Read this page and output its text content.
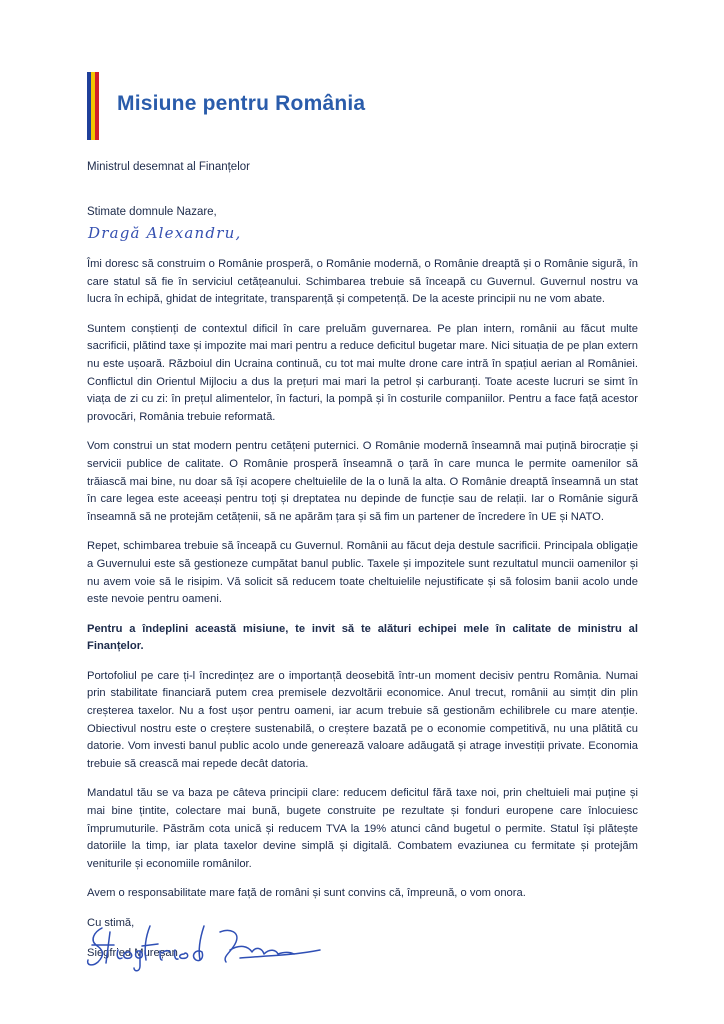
Misiune pentru România
Ministrul desemnat al Finanțelor
Stimate domnule Nazare,
Dragă Alexandru,

Îmi doresc să construim o Românie prosperă, o Românie modernă, o Românie dreaptă și o Românie sigură, în care statul să fie în serviciul cetățeanului. Schimbarea trebuie să înceapă cu Guvernul. Guvernul nostru va lucra în echipă, ghidat de integritate, transparență și competență. De la aceste principii nu ne vom abate.

Suntem conștienți de contextul dificil în care preluăm guvernarea. Pe plan intern, românii au făcut multe sacrificii, plătind taxe și impozite mai mari pentru a reduce deficitul bugetar mare. Nici situația de pe plan extern nu este ușoară. Războiul din Ucraina continuă, cu tot mai multe drone care intră în spațiul aerian al României. Conflictul din Orientul Mijlociu a dus la prețuri mai mari la petrol și carburanți. Toate aceste lucruri se simt în viața de zi cu zi: în prețul alimentelor, în facturi, la pompă și în costurile companiilor. Pentru a face față acestor provocări, România trebuie reformată.

Vom construi un stat modern pentru cetățeni puternici. O Românie modernă înseamnă mai puțină birocrație și servicii publice de calitate. O Românie prosperă înseamnă o țară în care munca le permite oamenilor să trăiască mai bine, nu doar să își acopere cheltuielile de la o lună la alta. O Românie dreaptă înseamnă un stat în care legea este aceeași pentru toți și dreptatea nu depinde de funcție sau de relații. Iar o Românie sigură înseamnă să ne protejăm cetățenii, să ne apărăm țara și să fim un partener de încredere în UE și NATO.

Repet, schimbarea trebuie să înceapă cu Guvernul. Românii au făcut deja destule sacrificii. Principala obligație a Guvernului este să gestioneze cumpătat banul public. Taxele și impozitele sunt rezultatul muncii oamenilor și nu avem voie să le risipim. Vă solicit să reducem toate cheltuielile nejustificate și să folosim banii acolo unde este nevoie pentru oameni.

Pentru a îndeplini această misiune, te invit să te alături echipei mele în calitate de ministru al Finanțelor.

Portofoliul pe care ți-l încredințez are o importanță deosebită într-un moment decisiv pentru România. Numai prin stabilitate financiară putem crea premisele dezvoltării economice. Anul trecut, românii au simțit din plin creșterea taxelor. Nu a fost ușor pentru oameni, iar acum trebuie să gestionăm echilibrele cu mare atenție. Obiectivul nostru este o creștere sustenabilă, o creștere bazată pe o economie competitivă, nu una plătită cu datorie. Vom investi banul public acolo unde generează valoare adăugată și atrage investiții private. Economia trebuie să crească mai repede decât datoria.

Mandatul tău se va baza pe câteva principii clare: reducem deficitul fără taxe noi, prin cheltuieli mai puține și mai bine țintite, colectare mai bună, bugete construite pe rezultate și fonduri europene care înlocuiesc împrumuturile. Păstrăm cota unică și reducem TVA la 19% atunci când bugetul o permite. Statul își plătește datoriile la timp, iar plata taxelor devine simplă și digitală. Combatem evaziunea cu fermitate și protejăm veniturile și economiile românilor.

Avem o responsabilitate mare față de români și sunt convins că, împreună, o vom onora.

Cu stimă,

Siegfried Mureșan
